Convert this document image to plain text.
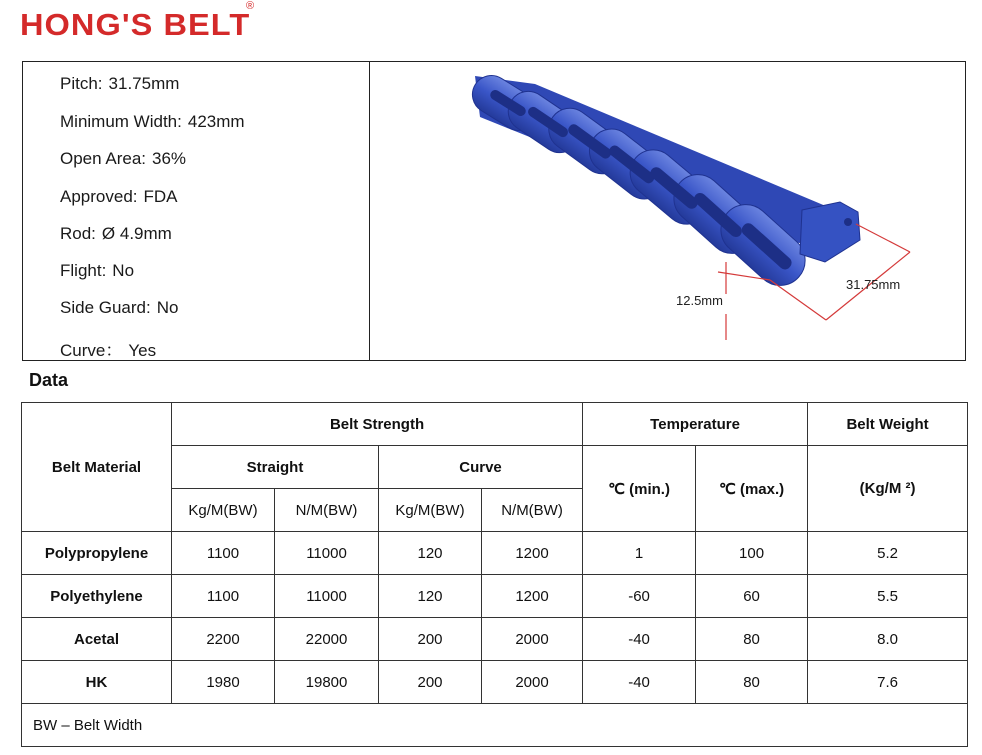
HONG'S BELT
®
Pitch: 31.75mm
Minimum Width: 423mm
Open Area: 36%
Approved: FDA
Rod: Ø 4.9mm
Flight: No
Side Guard: No
Curve： Yes
12.5mm
31.75mm
Data
Belt Material	Belt Strength				Temperature		Belt Weight
	Straight		Curve		℃ (min.)	℃ (max.)	(Kg/M ²)
	Kg/M(BW)	N/M(BW)	Kg/M(BW)	N/M(BW)			
Polypropylene	1100	11000	120	1200	1	100	5.2
Polyethylene	1100	11000	120	1200	-60	60	5.5
Acetal	2200	22000	200	2000	-40	80	8.0
HK	1980	19800	200	2000	-40	80	7.6
BW – Belt Width							
